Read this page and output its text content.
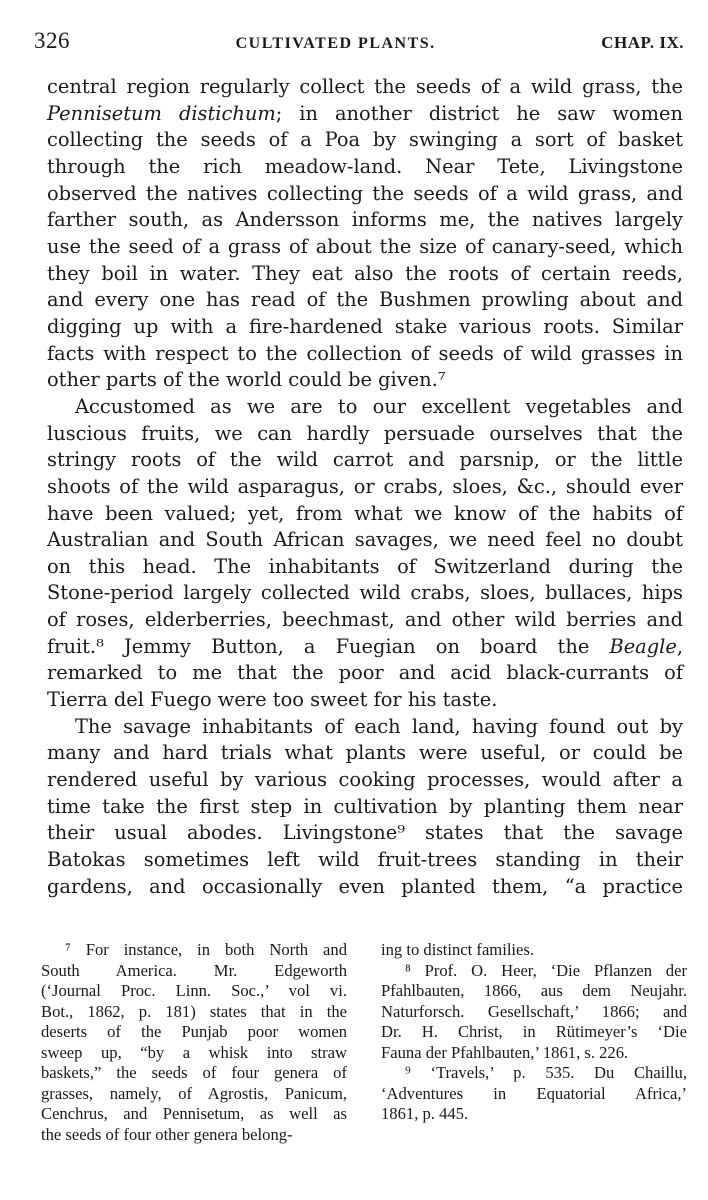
326	CULTIVATED PLANTS.	CHAP. IX.
central region regularly collect the seeds of a wild grass, the
Pennisetum distichum; in another district he saw women
collecting the seeds of a Poa by swinging a sort of basket
through the rich meadow-land. Near Tete, Livingstone
observed the natives collecting the seeds of a wild grass, and
farther south, as Andersson informs me, the natives largely
use the seed of a grass of about the size of canary-seed, which
they boil in water. They eat also the roots of certain reeds,
and every one has read of the Bushmen prowling about and
digging up with a fire-hardened stake various roots. Similar
facts with respect to the collection of seeds of wild grasses in
other parts of the world could be given.⁷
Accustomed as we are to our excellent vegetables and
luscious fruits, we can hardly persuade ourselves that the
stringy roots of the wild carrot and parsnip, or the little
shoots of the wild asparagus, or crabs, sloes, &c., should ever
have been valued; yet, from what we know of the habits of
Australian and South African savages, we need feel no doubt
on this head. The inhabitants of Switzerland during the
Stone-period largely collected wild crabs, sloes, bullaces, hips
of roses, elderberries, beechmast, and other wild berries and
fruit.⁸ Jemmy Button, a Fuegian on board the Beagle,
remarked to me that the poor and acid black-currants of
Tierra del Fuego were too sweet for his taste.
The savage inhabitants of each land, having found out by
many and hard trials what plants were useful, or could be
rendered useful by various cooking processes, would after a
time take the first step in cultivation by planting them near
their usual abodes. Livingstone⁹ states that the savage
Batokas sometimes left wild fruit-trees standing in their
gardens, and occasionally even planted them, “a practice
⁷ For instance, in both North and
South America. Mr. Edgeworth
(‘Journal Proc. Linn. Soc.,’ vol vi.
Bot., 1862, p. 181) states that in the
deserts of the Punjab poor women
sweep up, “by a whisk into straw
baskets,” the seeds of four genera of
grasses, namely, of Agrostis, Panicum,
Cenchrus, and Pennisetum, as well as
the seeds of four other genera belong-
ing to distinct families.
⁸ Prof. O. Heer, ‘Die Pflanzen der
Pfahlbauten, 1866, aus dem Neujahr.
Naturforsch. Gesellschaft,’ 1866; and
Dr. H. Christ, in Rütimeyer’s ‘Die
Fauna der Pfahlbauten,’ 1861, s. 226.
⁹ ‘Travels,’ p. 535. Du Chaillu,
‘Adventures in Equatorial Africa,’
1861, p. 445.
